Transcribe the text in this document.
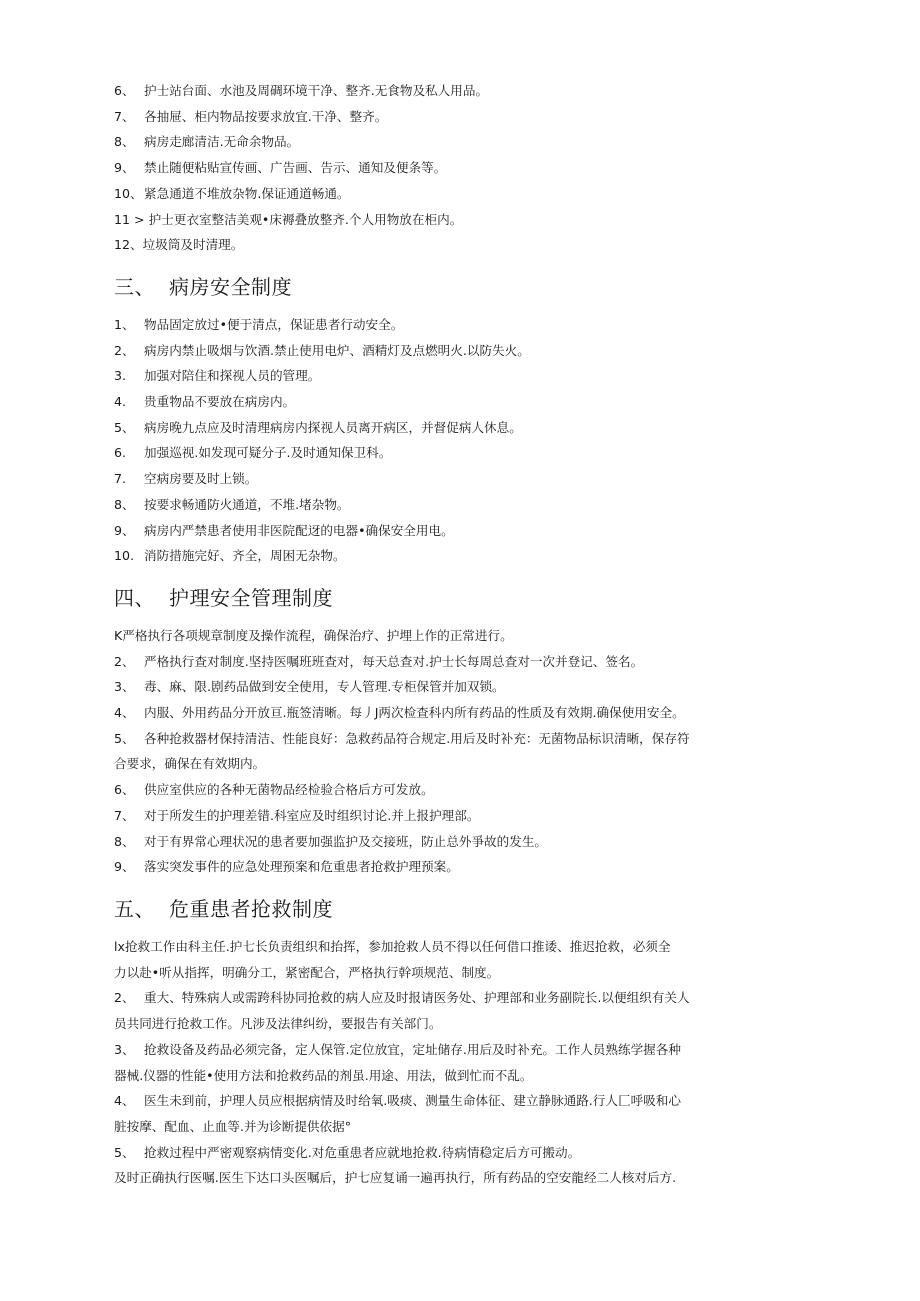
6、 护士站台面、水池及周碉环境干净、整齐.无食物及私人用品。
7、 各抽屉、柜内物品按要求放宜.干净、整齐。
8、 病房走廊清洁.无命余物品。
9、 禁止随便粘贴宣传画、广告画、告示、通知及便条等。
10、 紧急通道不堆放杂物.保证通道畅通。
11 > 护士更衣室整洁美观•床褥叠放整齐.个人用物放在柜内。
12、垃圾筒及时清理。
三、 病房安全制度
1、 物品固定放过•便于清点，保证患者行动安全。
2、 病房内禁止吸烟与饮酒.禁止使用电炉、酒精灯及点燃明火.以防失火。
3.	加强对陪住和探视人员的管理。
4.	贵重物品不要放在病房内。
5、 病房晚九点应及时清理病房内探视人员离开病区，并督促病人休息。
6.	加强巡视.如发现可疑分子.及时通知保卫科。
7.	空病房要及时上锁。
8、 按要求畅通防火通道，不堆.堵杂物。
9、 病房内严禁患者使用非医院配迓的电器•确保安全用电。
10. 消防措施完好、齐全，周困无杂物。
四、 护理安全管理制度
K严格执行各项规章制度及操作流程，确保治疗、护埋上作的正常进行。
2、 严格执行查对制度.坚持医嘱班班查对，每天总查对.护士长每周总查对一次并登记、签名。
3、 毒、麻、限.剧药品做到安全使用，专人管理.专柜保管并加双锁。
4、 内服、外用药品分开放亘.瓶签清晰。每丿J两次检查科内所有药品的性质及有效期.确保使用安全。
5、 各种抢救器材保持清洁、性能良好：急救药品符合规定.用后及时补充：无菌物品标识清晰，保存符
合要求，确保在有效期内。
6、 供应室供应的各种无菌物品经检验合格后方可发放。
7、 对于所发生的护理差错.科室应及时组织讨论.并上报护理部。
8、 对于有界常心理状况的患者要加强监护及交接班，防止总外爭故的发生。
9、 落实突发事件的应急处理预案和危重患者抢救护理预案。
五、 危重患者抢救制度
lx抢救工作由科主任.护七长负责组织和抬挥，参加抢救人员不得以任何借口推诿、推迟抢救，必须全
力以赴•听从指挥，明确分工，紧密配合，严格执行幹项规范、制度。
2、 重大、特殊病人或需跨科协同抢救的病人应及时报请医务处、护理部和业务副院长.以便组织有关人
员共同进行抢救工作。凡涉及法律纠纷，要报告有关部门。
3、 抢救设备及药品必须完备，定人保管.定位放宜，定址储存.用后及时补充。工作人员熟练学握各种
器械.仪器的性能•使用方法和抢救药品的剂虽.用途、用法，做到忙而不乱。
4、 医生未到前，护理人员应根据病情及时给氧.吸痰、测量生命体征、建立静脉通路.行人匚呼吸和心
脏按摩、配血、止血等.并为诊断提供依据°
5、 抢救过程中严密观察病情变化.对危重患者应就地抢救.待病情稳定后方可搬动。
及时正确执行医嘱.医生下达口头医嘱后，护七应复诵一遍再执行，所有药品的空安龍经二人核对后方.
